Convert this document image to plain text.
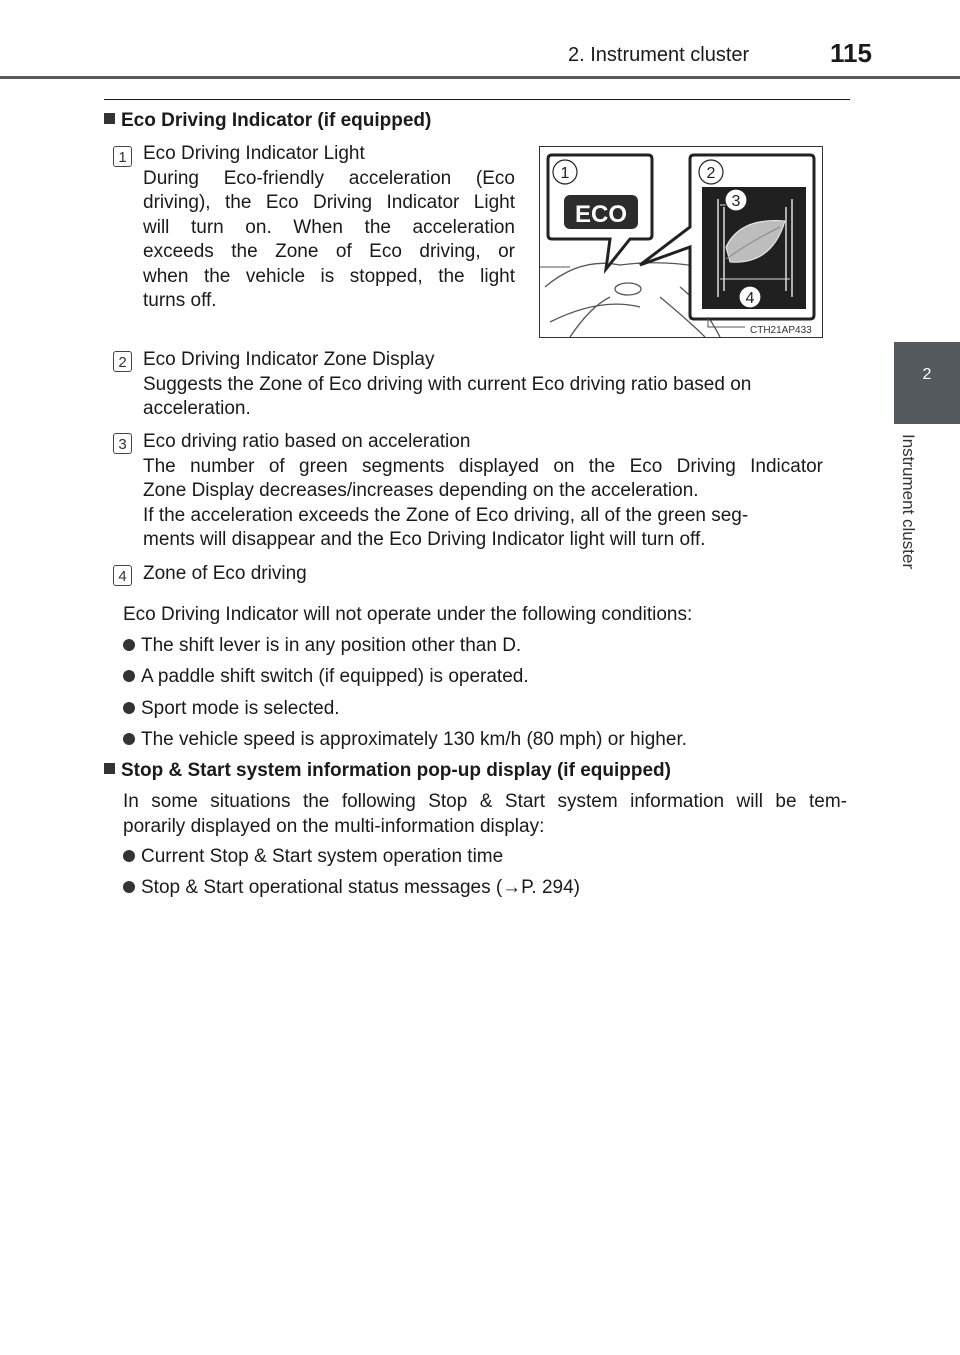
2. Instrument cluster	115
2
Instrument cluster
Eco Driving Indicator (if equipped)
1 Eco Driving Indicator Light
During Eco-friendly acceleration (Eco
driving), the Eco Driving Indicator Light
will turn on. When the acceleration
exceeds the Zone of Eco driving, or
when the vehicle is stopped, the light
turns off.
ECO
1	2
3
4
CTH21AP433
2 Eco Driving Indicator Zone Display
Suggests the Zone of Eco driving with current Eco driving ratio based on
acceleration.
3 Eco driving ratio based on acceleration
The number of green segments displayed on the Eco Driving Indicator
Zone Display decreases/increases depending on the acceleration.
If the acceleration exceeds the Zone of Eco driving, all of the green seg-
ments will disappear and the Eco Driving Indicator light will turn off.
4 Zone of Eco driving
Eco Driving Indicator will not operate under the following conditions:
The shift lever is in any position other than D.
A paddle shift switch (if equipped) is operated.
Sport mode is selected.
The vehicle speed is approximately 130 km/h (80 mph) or higher.
Stop & Start system information pop-up display (if equipped)
In some situations the following Stop & Start system information will be tem-
porarily displayed on the multi-information display:
Current Stop & Start system operation time
Stop & Start operational status messages (→P. 294)
